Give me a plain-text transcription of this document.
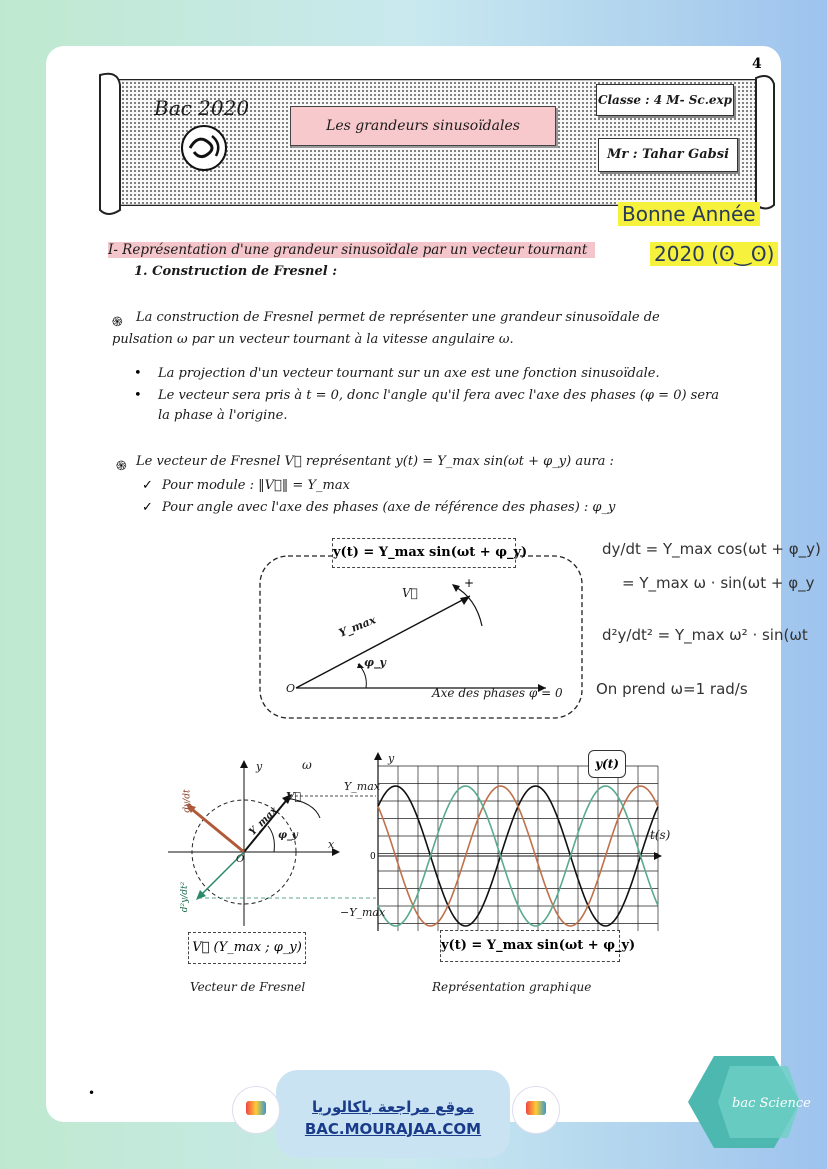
Bac 2020
Les grandeurs sinusoïdales
Classe : 4 M- Sc.exp
Mr : Tahar Gabsi
4
Bonne Année
2020 (ʘ‿ʘ)
I- Représentation d'une grandeur sinusoïdale par un vecteur tournant
1. Construction de Fresnel :
֍ La construction de Fresnel permet de représenter une grandeur sinusoïdale de
pulsation ω par un vecteur tournant à la vitesse angulaire ω.
• La projection d'un vecteur tournant sur un axe est une fonction sinusoïdale.
• Le vecteur sera pris à t = 0, donc l'angle qu'il fera avec l'axe des phases (φ = 0) sera
la phase à l'origine.
֍ Le vecteur de Fresnel V⃗ représentant y(t) = Y_max sin(ωt + φ_y) aura :
✓ Pour module : ‖V⃗‖ = Y_max
✓ Pour angle avec l'axe des phases (axe de référence des phases) : φ_y
y(t) = Y_max sin(ωt + φ_y)
V⃗
Y_max
φ_y
O
+
Axe des phases φ = 0
dy/dt = Y_max cos(ωt + φ_y)
= Y_max ω · sin(ωt + φ_y
d²y/dt² = Y_max ω² · sin(ωt
On prend ω=1 rad/s
y
x
ω
O
V⃗
Y_max
φ_y
dy/dt
d²y/dt²
V⃗ (Y_max ; φ_y)
Vecteur de Fresnel
y
Y_max
−Y_max
0
t(s)
y(t)
y(t) = Y_max sin(ωt + φ_y)
Représentation graphique
•
موقع مراجعة باكالوريا
BAC.MOURAJAA.COM
bac Science
